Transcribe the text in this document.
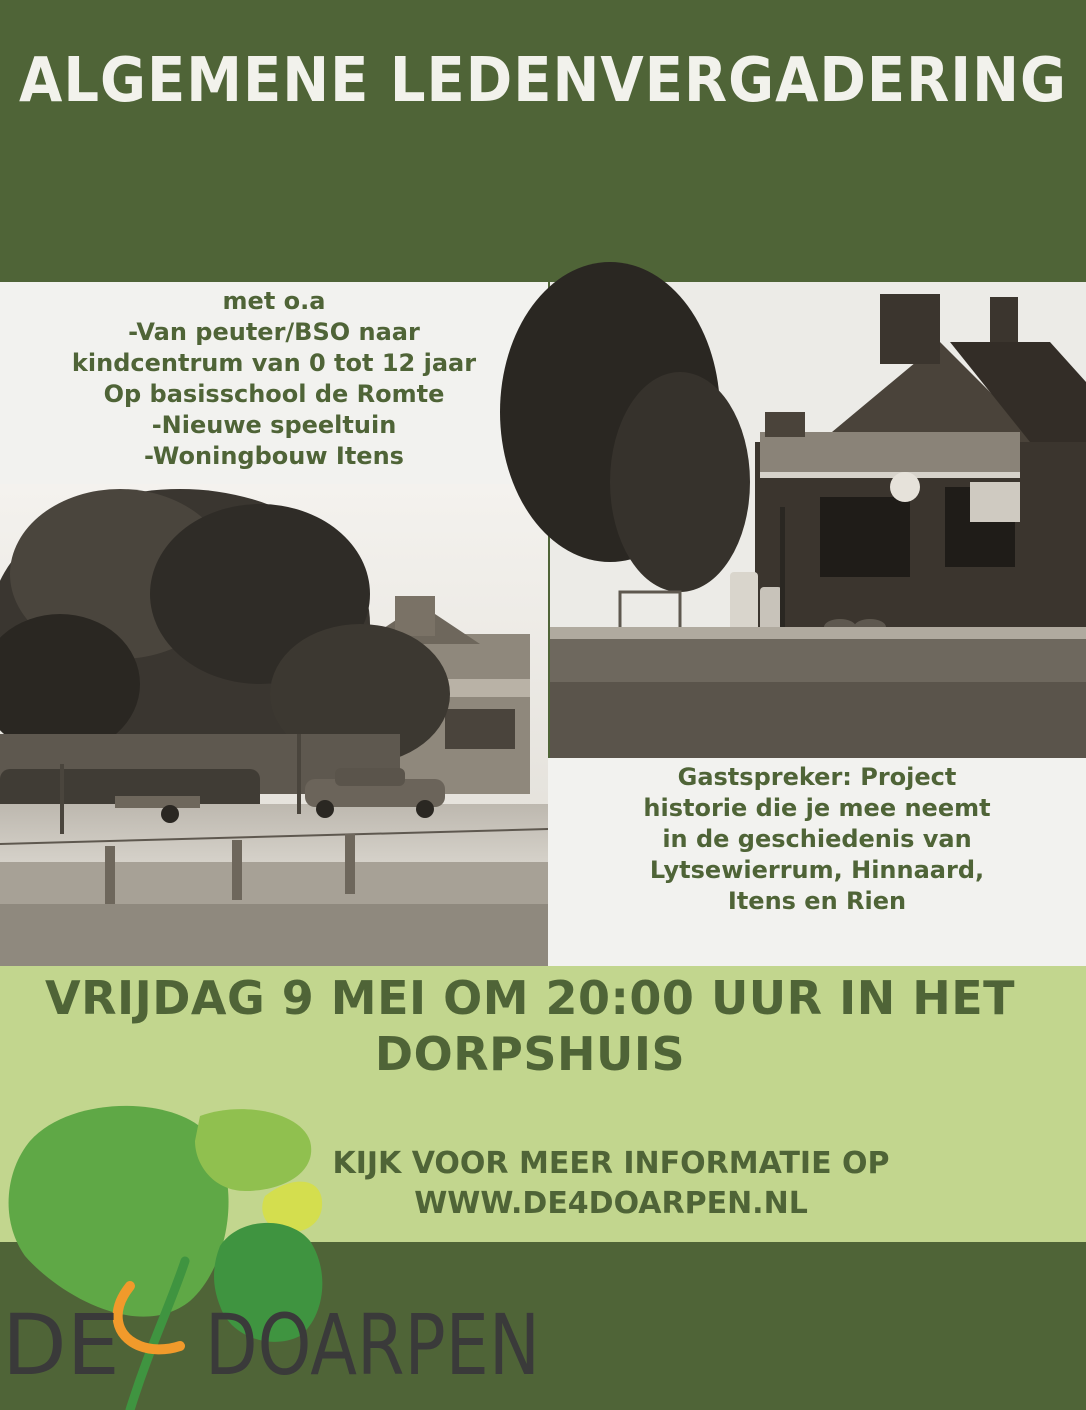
ALGEMENE LEDENVERGADERING
met o.a
-Van peuter/BSO naar
kindcentrum van 0 tot 12 jaar
Op basisschool de Romte
-Nieuwe speeltuin
-Woningbouw Itens
Gastspreker: Project
historie die je mee neemt
in de geschiedenis van
Lytsewierrum, Hinnaard,
Itens en Rien
VRIJDAG 9 MEI OM 20:00 UUR IN HET
DORPSHUIS
DE DOARPEN
KIJK VOOR MEER INFORMATIE OP
WWW.DE4DOARPEN.NL
